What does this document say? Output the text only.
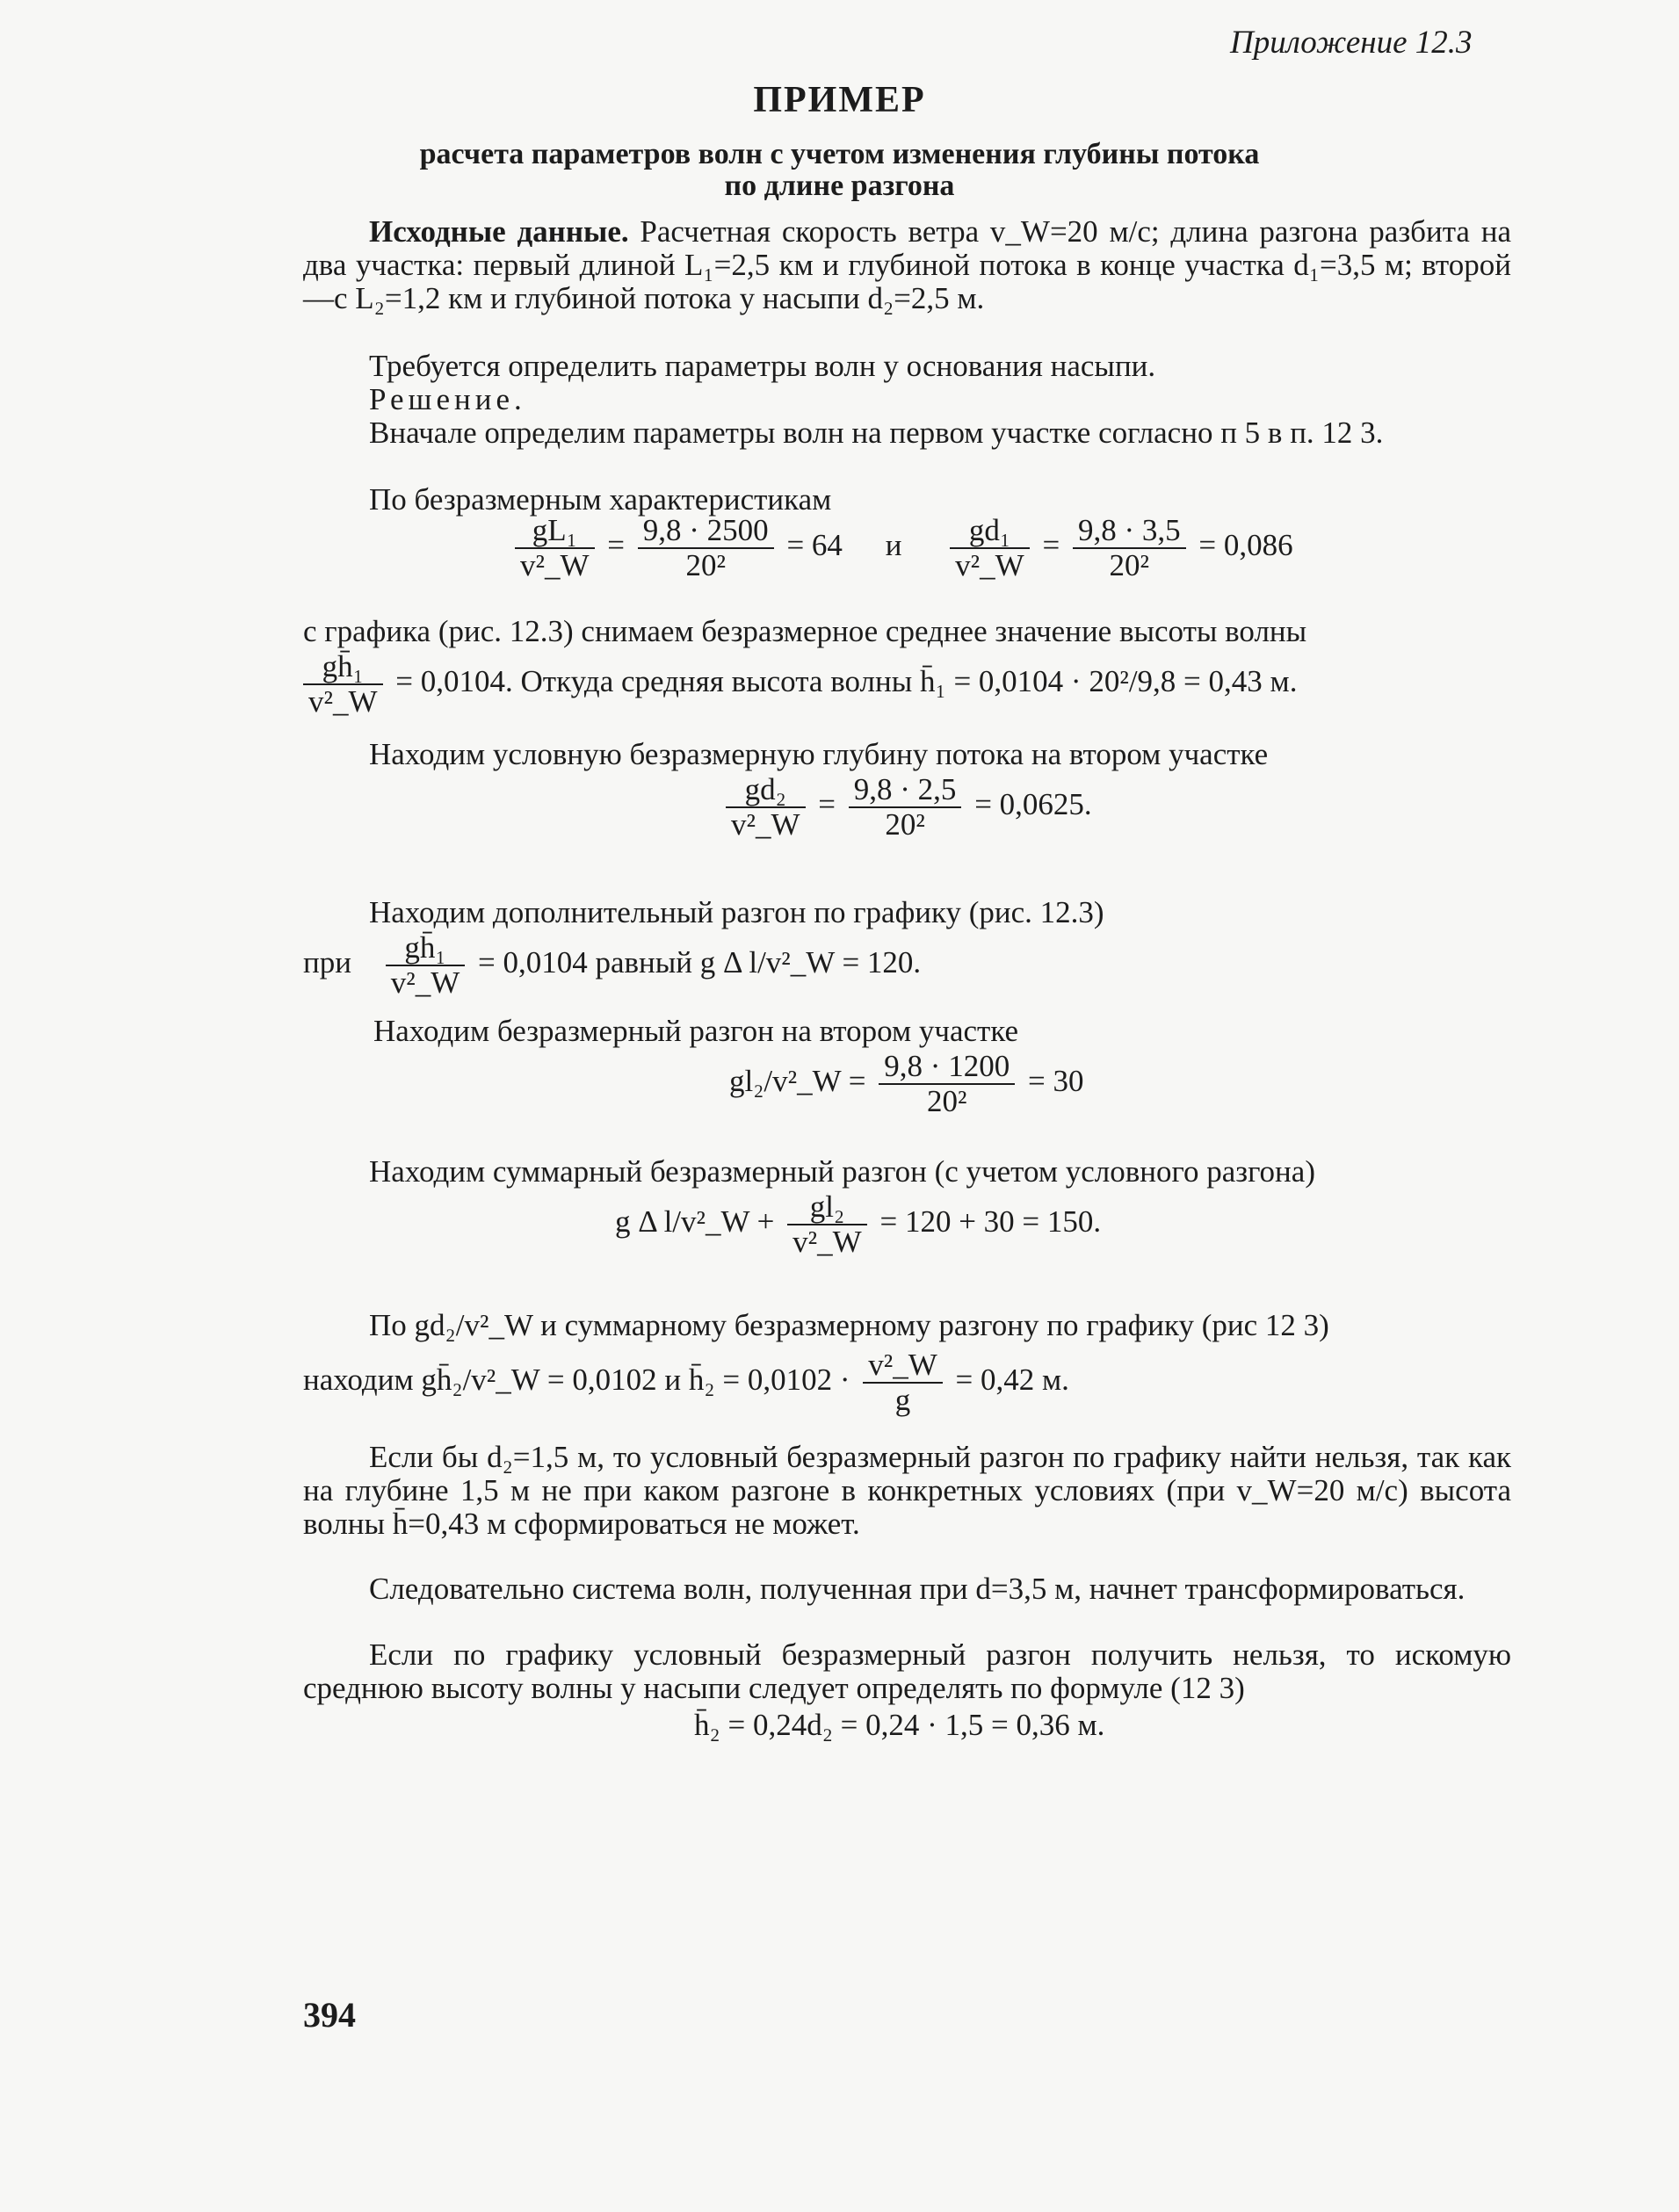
Приложение 12.3
ПРИМЕР
расчета параметров волн с учетом изменения глубины потока
по длине разгона
Исходные данные. Расчетная скорость ветра v_W=20 м/с; длина разгона разбита на два участка: первый длиной L₁=2,5 км и глубиной потока в конце участка d₁=3,5 м; второй—с L₂=1,2 км и глубиной потока у насыпи d₂=2,5 м.
Требуется определить параметры волн у основания насыпи.
Решение.
Вначале определим параметры волн на первом участке согласно п 5 в п. 12 3.
По безразмерным характеристикам
$\frac{\text{gL₁}}{\text{v²\_W}} = \frac{9,8 \cdot 2500}{\text{20²}} = 64$ и $\frac{\text{gd₁}}{\text{v²\_W}} = \frac{9,8 \cdot 3,5}{\text{20²}} = 0,086$
с графика (рис. 12.3) снимаем безразмерное среднее значение высоты волны
$\frac{\text{gh̄₁}}{\text{v²\_W}} = 0,0104$. Откуда средняя высота волны h̄₁ = 0,0104 · 20²/9,8 = 0,43 м.
Находим условную безразмерную глубину потока на втором участке
$\frac{\text{gd₂}}{\text{v²\_W}} = \frac{9,8 \cdot 2,5}{\text{20²}} = 0,0625$.
Находим дополнительный разгон по графику (рис. 12.3)
при $\frac{\text{gh̄₁}}{\text{v²\_W}} = 0,0104$ равный g Δ l/v²_W = 120.
Находим безразмерный разгон на втором участке
gl₂/v²_W = $\frac{9,8 \cdot 1200}{\text{20²}} = 30$
Находим суммарный безразмерный разгон (с учетом условного разгона)
g Δ l/v²_W + $\frac{\text{gl₂}}{\text{v²\_W}} = 120 + 30 = 150$.
По gd₂/v²_W и суммарному безразмерному разгону по графику (рис 12 3)
находим gh̄₂/v²_W = 0,0102 и h̄₂ = $0,0102 \cdot \frac{\text{v²\_W}}{g} = 0,42$ м.
Если бы d₂=1,5 м, то условный безразмерный разгон по графику найти нельзя, так как на глубине 1,5 м не при каком разгоне в конкретных условиях (при v_W=20 м/с) высота волны h̄=0,43 м сформироваться не может.
Следовательно система волн, полученная при d=3,5 м, начнет трансформироваться.
Если по графику условный безразмерный разгон получить нельзя, то искомую среднюю высоту волны у насыпи следует определять по формуле (12 3)
h̄₂ = 0,24d₂ = 0,24 · 1,5 = 0,36 м.
394
